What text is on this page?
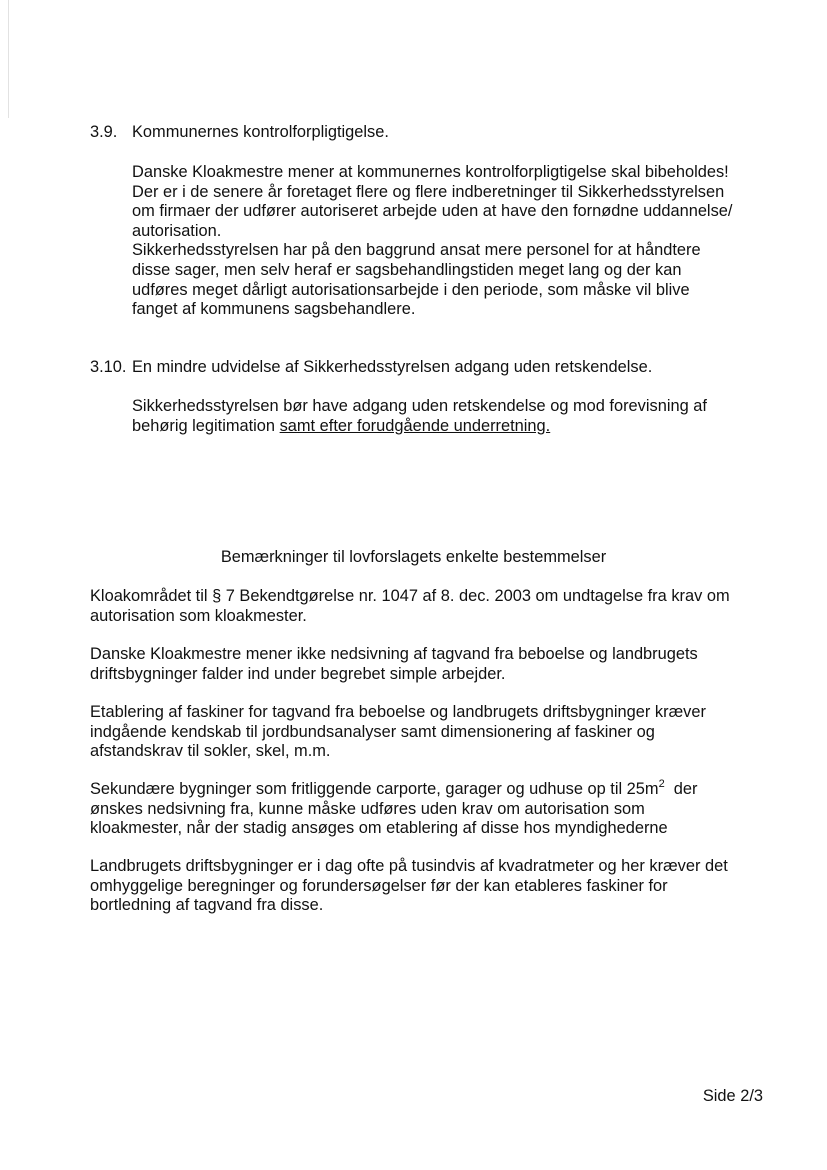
3.9. Kommunernes kontrolforpligtigelse.
Danske Kloakmestre mener at kommunernes kontrolforpligtigelse skal bibeholdes!
Der er i de senere år foretaget flere og flere indberetninger til Sikkerhedsstyrelsen
om firmaer der udfører autoriseret arbejde uden at have den fornødne uddannelse/
autorisation.
Sikkerhedsstyrelsen har på den baggrund ansat mere personel for at håndtere
disse sager, men selv heraf er sagsbehandlingstiden meget lang og der kan
udføres meget dårligt autorisationsarbejde i den periode, som måske vil blive
fanget af kommunens sagsbehandlere.
3.10. En mindre udvidelse af Sikkerhedsstyrelsen adgang uden retskendelse.
Sikkerhedsstyrelsen bør have adgang uden retskendelse og mod forevisning af
behørig legitimation samt efter forudgående underretning.
Bemærkninger til lovforslagets enkelte bestemmelser
Kloakområdet til § 7 Bekendtgørelse nr. 1047 af 8. dec. 2003 om undtagelse fra krav om
autorisation som kloakmester.
Danske Kloakmestre mener ikke nedsivning af tagvand fra beboelse og landbrugets
driftsbygninger falder ind under begrebet simple arbejder.
Etablering af faskiner for tagvand fra beboelse og landbrugets driftsbygninger kræver
indgående kendskab til jordbundsanalyser samt dimensionering af faskiner og
afstandskrav til sokler, skel, m.m.
Sekundære bygninger som fritliggende carporte, garager og udhuse op til $25m^2$  der
ønskes nedsivning fra, kunne måske udføres uden krav om autorisation som
kloakmester, når der stadig ansøges om etablering af disse hos myndighederne
Landbrugets driftsbygninger er i dag ofte på tusindvis af kvadratmeter og her kræver det
omhyggelige beregninger og forundersøgelser før der kan etableres faskiner for
bortledning af tagvand fra disse.
Side 2/3
